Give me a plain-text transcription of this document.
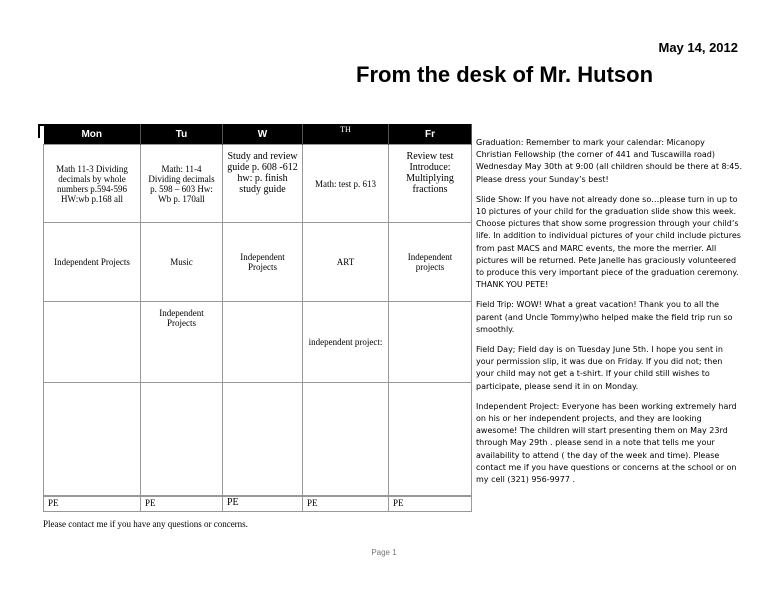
May 14, 2012
From the desk of Mr. Hutson
Mon	Tu	W	TH	Fr
Math 11-3 Dividing decimals by whole numbers p.594-596 HW:wb p.168 all	Math: 11-4 Dividing decimals p. 598 – 603 Hw: Wb p. 170all	Study and review guide p. 608 -612 hw: p. finish study guide	Math: test p. 613	Review test Introduce: Multiplying fractions
Independent Projects	Music	Independent Projects	ART	Independent projects
	Independent Projects		independent project:	

PE	PE	PE	PE	PE
Please contact me if you have any questions or concerns.

Graduation: Remember to mark your calendar: Micanopy Christian Fellowship (the corner of 441 and Tuscawilla road) Wednesday May 30th at 9:00 (all children should be there at 8:45. Please dress your Sunday’s best!

Slide Show: If you have not already done so…please turn in up to 10 pictures of your child for the graduation slide show this week. Choose pictures that show some progression through your child’s life. In addition to individual pictures of your child include pictures from past MACS and MARC events, the more the merrier. All pictures will be returned. Pete Janelle has graciously volunteered to produce this very important piece of the graduation ceremony. THANK YOU PETE!

Field Trip: WOW! What a great vacation! Thank you to all the parent (and Uncle Tommy)who helped make the field trip run so smoothly.

Field Day; Field day is on Tuesday June 5th. I hope you sent in your permission slip, it was due on Friday. If you did not; then your child may not get a t-shirt. If your child still wishes to participate, please send it in on Monday.

Independent Project: Everyone has been working extremely hard on his or her independent projects, and they are looking awesome! The children will start presenting them on May 23rd through May 29th . please send in a note that tells me your availability to attend ( the day of the week and time). Please contact me if you have questions or concerns at the school or on my cell (321) 956-9977 .

Page 1
